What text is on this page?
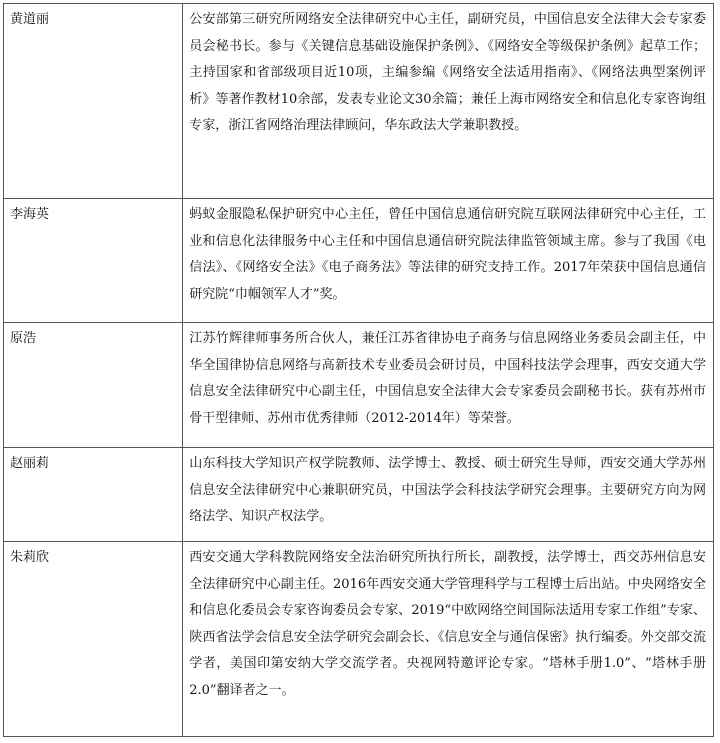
黄道丽	公安部第三研究所网络安全法律研究中心主任，副研究员，中国信息安全法律大会专家委员会秘书长。参与《关键信息基础设施保护条例》、《网络安全等级保护条例》起草工作；主持国家和省部级项目近10项，主编参编《网络安全法适用指南》、《网络法典型案例评析》等著作教材10余部，发表专业论文30余篇；兼任上海市网络安全和信息化专家咨询组专家，浙江省网络治理法律顾问，华东政法大学兼职教授。
李海英	蚂蚁金服隐私保护研究中心主任，曾任中国信息通信研究院互联网法律研究中心主任，工业和信息化法律服务中心主任和中国信息通信研究院法律监管领域主席。参与了我国《电信法》、《网络安全法》《电子商务法》等法律的研究支持工作。2017年荣获中国信息通信研究院“巾帼领军人才”奖。
原浩	江苏竹辉律师事务所合伙人，兼任江苏省律协电子商务与信息网络业务委员会副主任，中华全国律协信息网络与高新技术专业委员会研讨员，中国科技法学会理事，西安交通大学信息安全法律研究中心副主任，中国信息安全法律大会专家委员会副秘书长。获有苏州市骨干型律师、苏州市优秀律师（2012-2014年）等荣誉。
赵丽莉	山东科技大学知识产权学院教师、法学博士、教授、硕士研究生导师，西安交通大学苏州信息安全法律研究中心兼职研究员，中国法学会科技法学研究会理事。主要研究方向为网络法学、知识产权法学。
朱莉欣	西安交通大学科教院网络安全法治研究所执行所长，副教授，法学博士，西交苏州信息安全法律研究中心副主任。2016年西安交通大学管理科学与工程博士后出站。中央网络安全和信息化委员会专家咨询委员会专家、2019“中欧网络空间国际法适用专家工作组”专家、陕西省法学会信息安全法学研究会副会长、《信息安全与通信保密》执行编委。外交部交流学者，美国印第安纳大学交流学者。央视网特邀评论专家。“塔林手册1.0”、“塔林手册2.0”翻译者之一。
